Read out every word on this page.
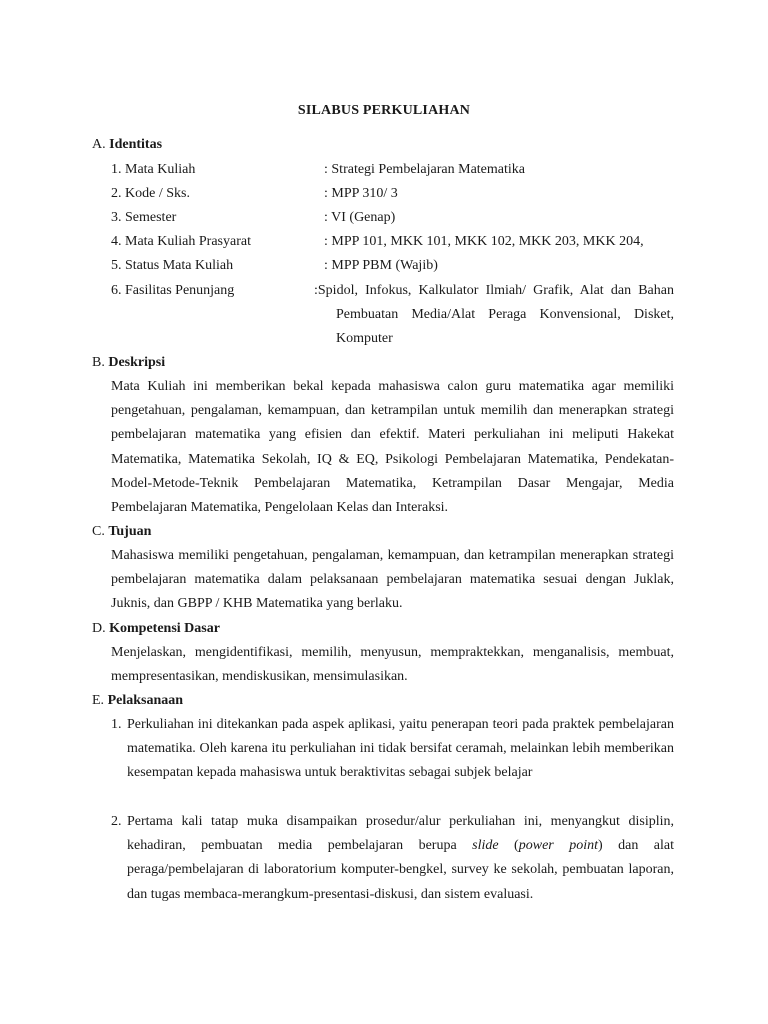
SILABUS PERKULIAHAN
A. Identitas
1. Mata Kuliah	: Strategi Pembelajaran Matematika
2. Kode / Sks.	: MPP 310/ 3
3. Semester	: VI (Genap)
4. Mata Kuliah Prasyarat	: MPP 101, MKK 101, MKK 102, MKK 203, MKK 204,
5. Status Mata Kuliah	: MPP PBM (Wajib)
6. Fasilitas Penunjang	:Spidol, Infokus, Kalkulator Ilmiah/ Grafik, Alat dan Bahan
Pembuatan Media/Alat Peraga Konvensional, Disket,
Komputer
B. Deskripsi
Mata Kuliah ini memberikan bekal kepada mahasiswa calon guru matematika agar memiliki pengetahuan, pengalaman, kemampuan, dan ketrampilan untuk memilih dan menerapkan strategi pembelajaran matematika yang efisien dan efektif. Materi perkuliahan ini meliputi Hakekat Matematika, Matematika Sekolah, IQ & EQ, Psikologi Pembelajaran Matematika, Pendekatan-Model-Metode-Teknik Pembelajaran Matematika, Ketrampilan Dasar Mengajar, Media Pembelajaran Matematika, Pengelolaan Kelas dan Interaksi.
C. Tujuan
Mahasiswa memiliki pengetahuan, pengalaman, kemampuan, dan ketrampilan menerapkan strategi pembelajaran matematika dalam pelaksanaan pembelajaran matematika sesuai dengan Juklak, Juknis, dan GBPP / KHB Matematika yang berlaku.
D. Kompetensi Dasar
Menjelaskan, mengidentifikasi, memilih, menyusun, mempraktekkan, menganalisis, membuat, mempresentasikan, mendiskusikan, mensimulasikan.
E. Pelaksanaan
1. Perkuliahan ini ditekankan pada aspek aplikasi, yaitu penerapan teori pada praktek pembelajaran matematika. Oleh karena itu perkuliahan ini tidak bersifat ceramah, melainkan lebih memberikan kesempatan kepada mahasiswa untuk beraktivitas sebagai subjek belajar
2. Pertama kali tatap muka disampaikan prosedur/alur perkuliahan ini, menyangkut disiplin, kehadiran, pembuatan media pembelajaran berupa slide (power point) dan alat peraga/pembelajaran di laboratorium komputer-bengkel, survey ke sekolah, pembuatan laporan, dan tugas membaca-merangkum-presentasi-diskusi, dan sistem evaluasi.
